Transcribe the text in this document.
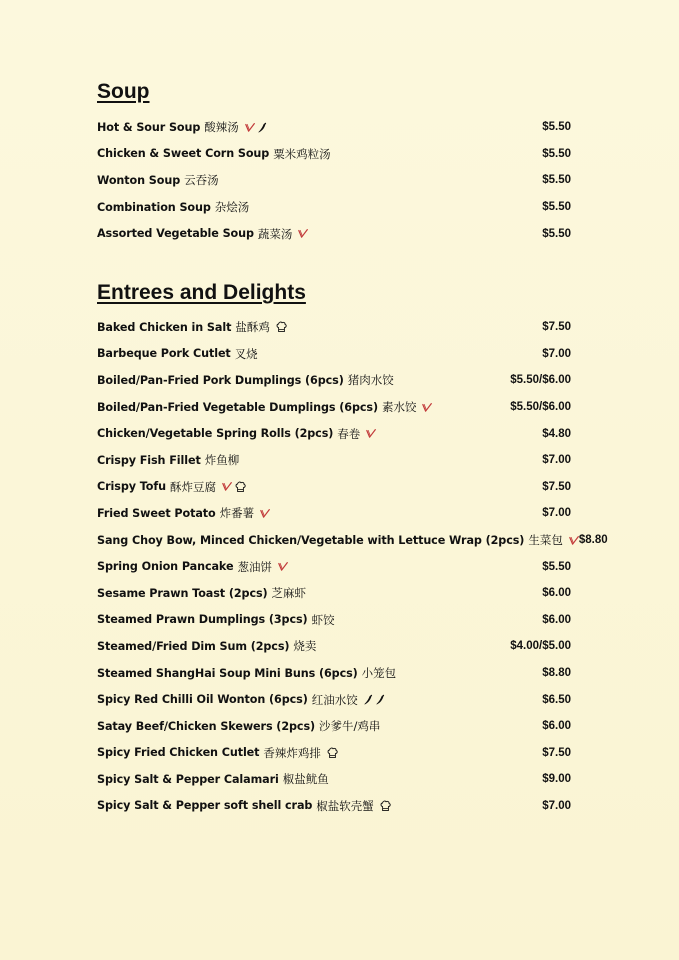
Soup
Hot & Sour Soup 酸辣汤	$5.50
Chicken & Sweet Corn Soup 粟米鸡粒汤	$5.50
Wonton Soup 云吞汤	$5.50
Combination Soup 杂烩汤	$5.50
Assorted Vegetable Soup 蔬菜汤	$5.50
Entrees and Delights
Baked Chicken in Salt 盐酥鸡	$7.50
Barbeque Pork Cutlet 叉烧	$7.00
Boiled/Pan-Fried Pork Dumplings (6pcs) 猪肉水饺	$5.50/$6.00
Boiled/Pan-Fried Vegetable Dumplings (6pcs) 素水饺	$5.50/$6.00
Chicken/Vegetable Spring Rolls (2pcs) 春卷	$4.80
Crispy Fish Fillet 炸鱼柳	$7.00
Crispy Tofu 酥炸豆腐	$7.50
Fried Sweet Potato 炸番薯	$7.00
Sang Choy Bow, Minced Chicken/Vegetable with Lettuce Wrap (2pcs) 生菜包 $8.80
Spring Onion Pancake 葱油饼	$5.50
Sesame Prawn Toast (2pcs) 芝麻虾	$6.00
Steamed Prawn Dumplings (3pcs) 虾饺	$6.00
Steamed/Fried Dim Sum (2pcs) 烧卖	$4.00/$5.00
Steamed ShangHai Soup Mini Buns (6pcs) 小笼包	$8.80
Spicy Red Chilli Oil Wonton (6pcs) 红油水饺	$6.50
Satay Beef/Chicken Skewers (2pcs) 沙爹牛/鸡串	$6.00
Spicy Fried Chicken Cutlet 香辣炸鸡排	$7.50
Spicy Salt & Pepper Calamari 椒盐鱿鱼	$9.00
Spicy Salt & Pepper soft shell crab 椒盐软壳蟹	$7.00
